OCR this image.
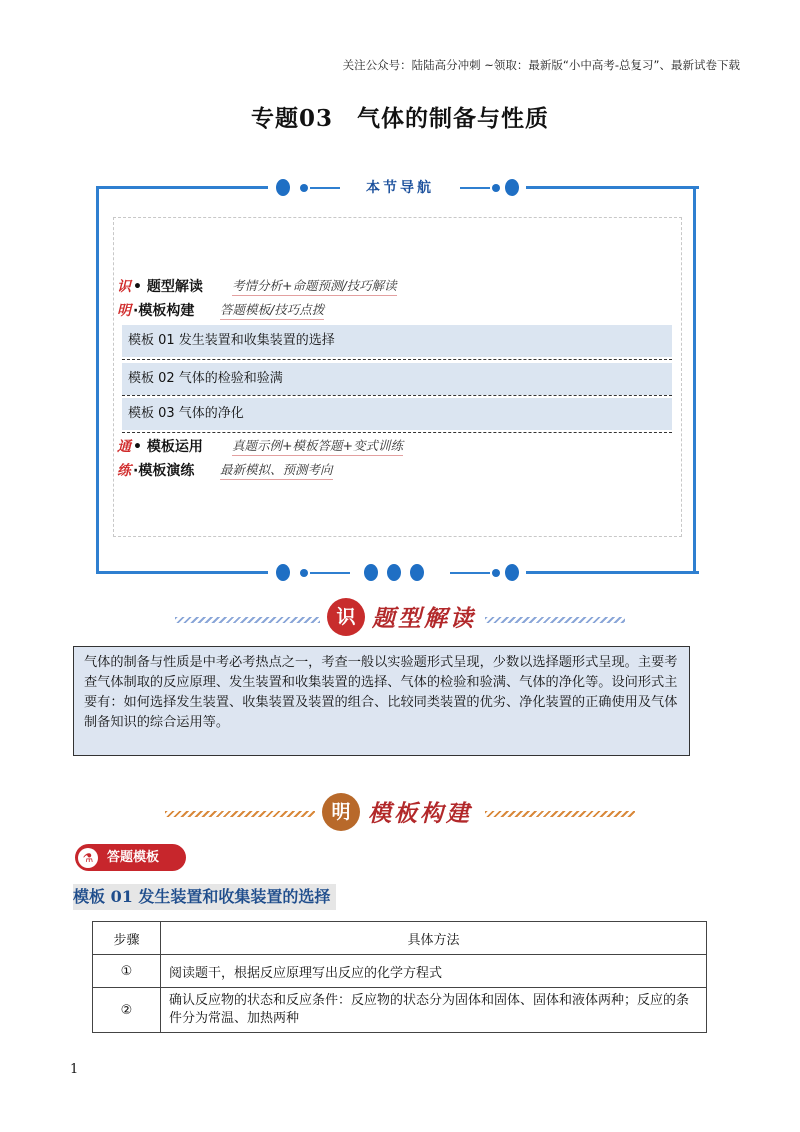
关注公众号：陆陆高分冲刺 ~领取：最新版“小中高考-总复习”、最新试卷下载
专题03　气体的制备与性质
本节导航
识 • 题型解读 考情分析+命题预测/技巧解读
明 ·模板构建 答题模板/技巧点拨
模板 01 发生装置和收集装置的选择
模板 02 气体的检验和验满
模板 03 气体的净化
通 • 模板运用 真题示例+模板答题+变式训练
练 ·模板演练 最新模拟、预测考向
识 题型解读
气体的制备与性质是中考必考热点之一，考查一般以实验题形式呈现，少数以选择题形式呈现。主要考查气体制取的反应原理、发生装置和收集装置的选择、气体的检验和验满、气体的净化等。设问形式主要有：如何选择发生装置、收集装置及装置的组合、比较同类装置的优劣、净化装置的正确使用及气体制备知识的综合运用等。
明 模板构建
答题模板
⚗
模板 01 发生装置和收集装置的选择
步骤	具体方法
①	阅读题干，根据反应原理写出反应的化学方程式
②	确认反应物的状态和反应条件：反应物的状态分为固体和固体、固体和液体两种；反应的条件分为常温、加热两种
1
